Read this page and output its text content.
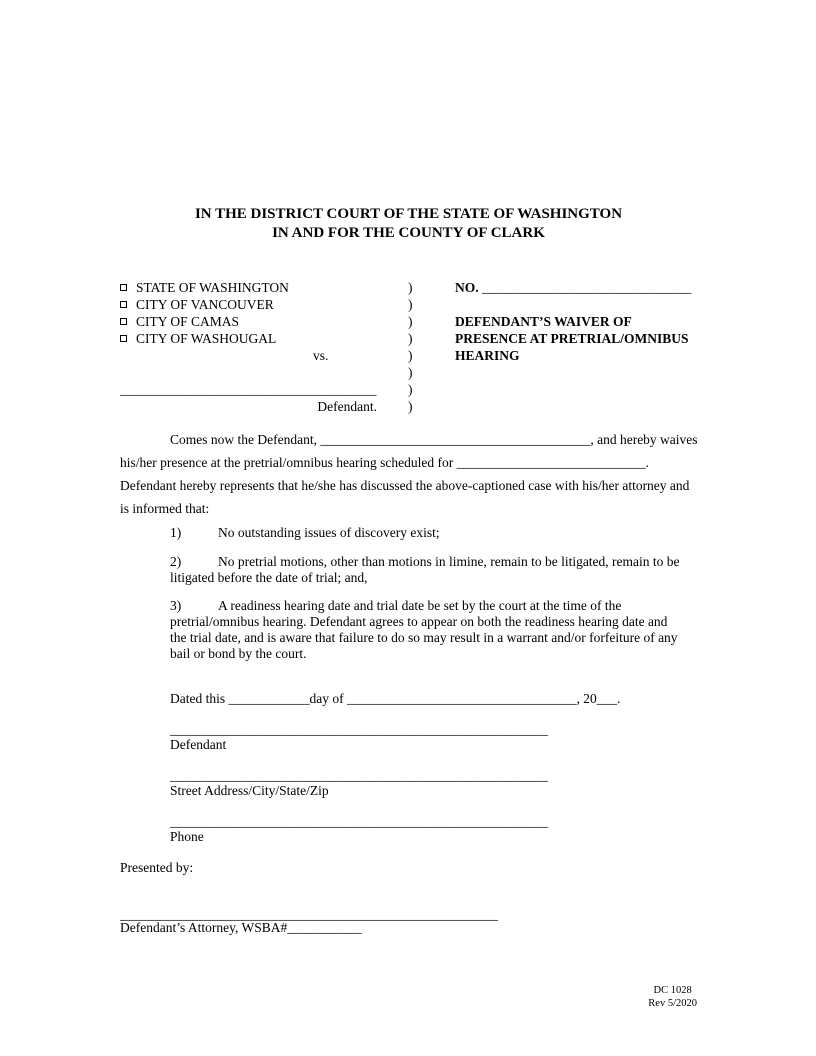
IN THE DISTRICT COURT OF THE STATE OF WASHINGTON
IN AND FOR THE COUNTY OF CLARK
STATE OF WASHINGTON	)	NO. _______________________________
CITY OF VANCOUVER	)
CITY OF CAMAS	)	DEFENDANT’S WAIVER OF
CITY OF WASHOUGAL	)	PRESENCE AT PRETRIAL/OMNIBUS
vs.	)	HEARING
)
______________________________________	)
Defendant.	)
Comes now the Defendant, ________________________________________, and hereby waives
his/her presence at the pretrial/omnibus hearing scheduled for ____________________________.
Defendant hereby represents that he/she has discussed the above-captioned case with his/her attorney and
is informed that:
1)	No outstanding issues of discovery exist;
2)	No pretrial motions, other than motions in limine, remain to be litigated, remain to be litigated before the date of trial; and,
3)	A readiness hearing date and trial date be set by the court at the time of the pretrial/omnibus hearing. Defendant agrees to appear on both the readiness hearing date and the trial date, and is aware that failure to do so may result in a warrant and/or forfeiture of any bail or bond by the court.
Dated this ____________day of __________________________________, 20___.
________________________________________________________
Defendant
________________________________________________________
Street Address/City/State/Zip
________________________________________________________
Phone
Presented by:
________________________________________________________
Defendant’s Attorney, WSBA#___________
DC 1028
Rev 5/2020
